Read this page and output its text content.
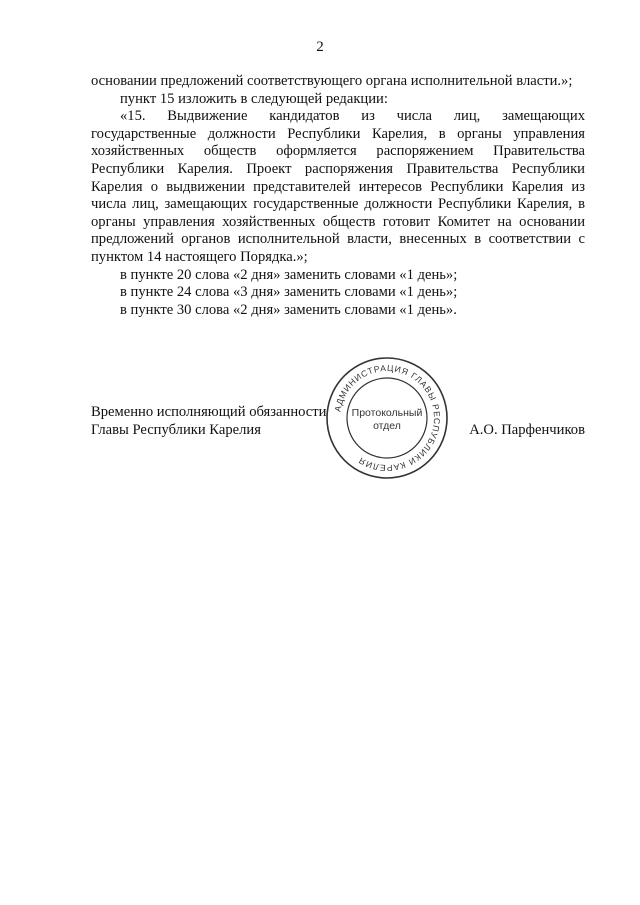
2

основании предложений соответствующего органа исполнительной власти.»;

пункт 15 изложить в следующей редакции:

«15. Выдвижение кандидатов из числа лиц, замещающих государственные должности Республики Карелия, в органы управления хозяйственных обществ оформляется распоряжением Правительства Республики Карелия. Проект распоряжения Правительства Республики Карелия о выдвижении представителей интересов Республики Карелия из числа лиц, замещающих государственные должности Республики Карелия, в органы управления хозяйственных обществ готовит Комитет на основании предложений органов исполнительной власти, внесенных в соответствии с пунктом 14 настоящего Порядка.»;

в пункте 20 слова «2 дня» заменить словами «1 день»;

в пункте 24 слова «3 дня» заменить словами «1 день»;

в пункте 30 слова «2 дня» заменить словами «1 день».

АДМИНИСТРАЦИЯ ГЛАВЫ РЕСПУБЛИКИ КАРЕЛИЯ
Протокольный
отдел
Временно исполняющий обязанности
Главы Республики Карелия	А.О. Парфенчиков
